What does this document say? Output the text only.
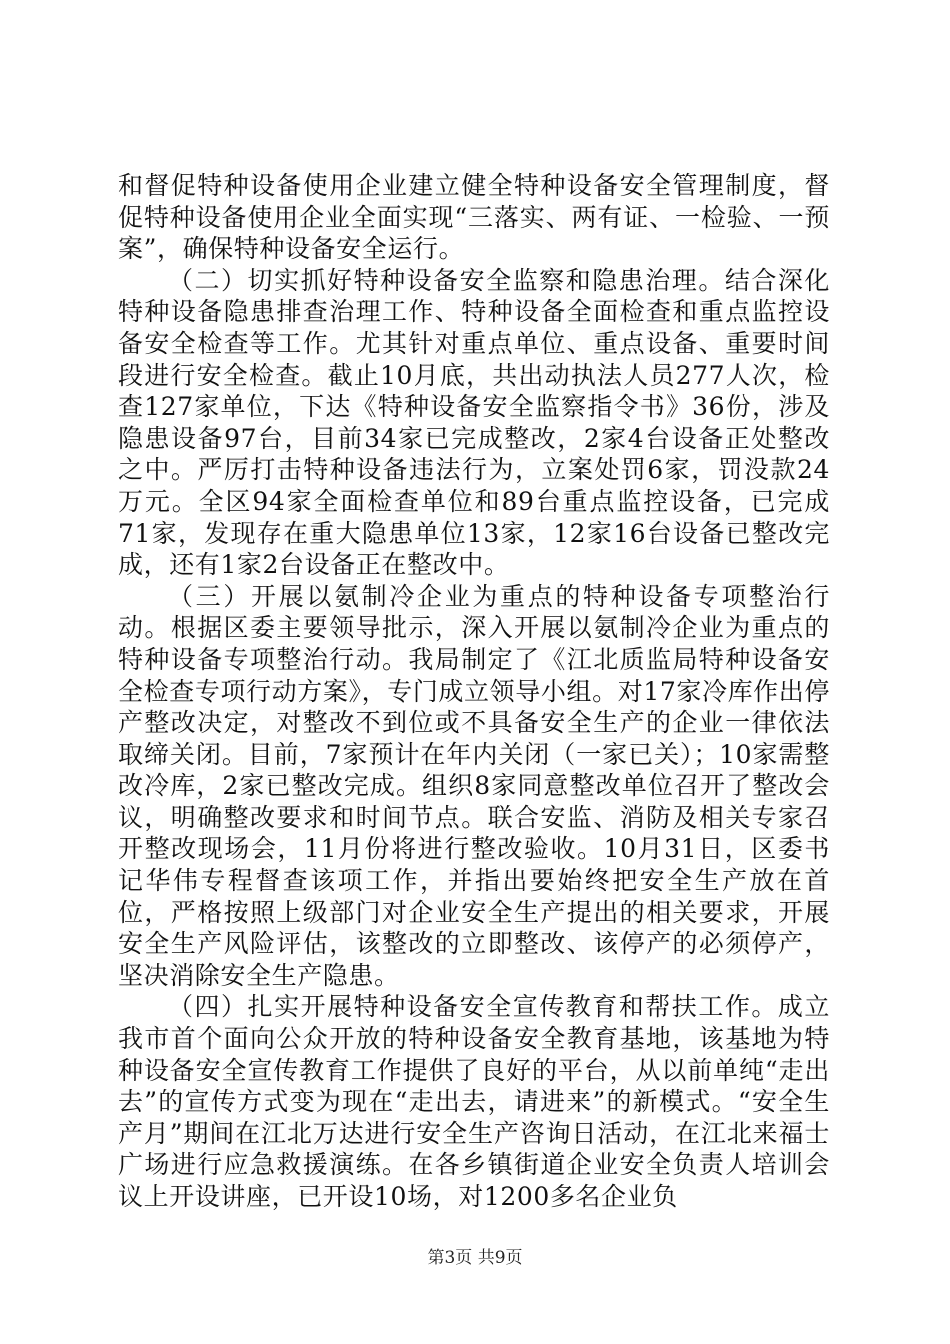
和督促特种设备使用企业建立健全特种设备安全管理制度，督促特种设备使用企业全面实现“三落实、两有证、一检验、一预案”，确保特种设备安全运行。

（二）切实抓好特种设备安全监察和隐患治理。结合深化特种设备隐患排查治理工作、特种设备全面检查和重点监控设备安全检查等工作。尤其针对重点单位、重点设备、重要时间段进行安全检查。截止10月底，共出动执法人员277人次，检查127家单位，下达《特种设备安全监察指令书》36份，涉及隐患设备97台，目前34家已完成整改，2家4台设备正处整改之中。严厉打击特种设备违法行为，立案处罚6家，罚没款24万元。全区94家全面检查单位和89台重点监控设备，已完成71家，发现存在重大隐患单位13家，12家16台设备已整改完成，还有1家2台设备正在整改中。

（三）开展以氨制冷企业为重点的特种设备专项整治行动。根据区委主要领导批示，深入开展以氨制冷企业为重点的特种设备专项整治行动。我局制定了《江北质监局特种设备安全检查专项行动方案》，专门成立领导小组。对17家冷库作出停产整改决定，对整改不到位或不具备安全生产的企业一律依法取缔关闭。目前，7家预计在年内关闭（一家已关）；10家需整改冷库，2家已整改完成。组织8家同意整改单位召开了整改会议，明确整改要求和时间节点。联合安监、消防及相关专家召开整改现场会，11月份将进行整改验收。10月31日，区委书记华伟专程督查该项工作，并指出要始终把安全生产放在首位，严格按照上级部门对企业安全生产提出的相关要求，开展安全生产风险评估，该整改的立即整改、该停产的必须停产，坚决消除安全生产隐患。

（四）扎实开展特种设备安全宣传教育和帮扶工作。成立我市首个面向公众开放的特种设备安全教育基地，该基地为特种设备安全宣传教育工作提供了良好的平台，从以前单纯“走出去”的宣传方式变为现在“走出去，请进来”的新模式。“安全生产月”期间在江北万达进行安全生产咨询日活动，在江北来福士广场进行应急救援演练。在各乡镇街道企业安全负责人培训会议上开设讲座，已开设10场，对1200多名企业负

第3页 共9页
